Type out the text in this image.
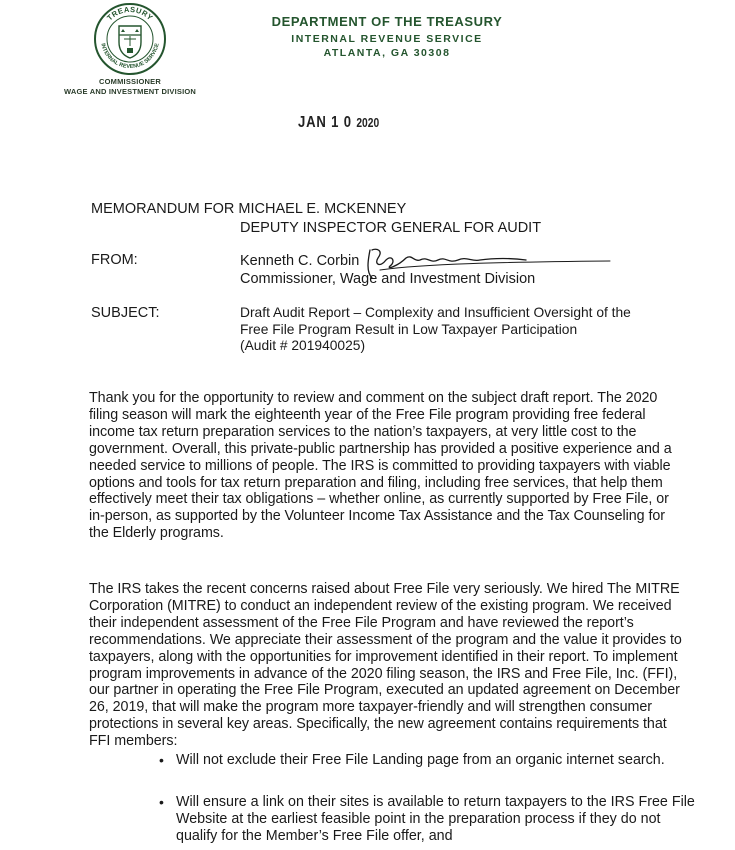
TREASURY
INTERNAL REVENUE SERVICE
COMMISSIONER
WAGE AND INVESTMENT DIVISION
DEPARTMENT OF THE TREASURY
INTERNAL REVENUE SERVICE
ATLANTA, GA 30308
JAN 1 0 2020
MEMORANDUM FOR MICHAEL E. MCKENNEY
DEPUTY INSPECTOR GENERAL FOR AUDIT
FROM:	Kenneth C. Corbin
Commissioner, Wage and Investment Division
SUBJECT:	Draft Audit Report – Complexity and Insufficient Oversight of the
Free File Program Result in Low Taxpayer Participation
(Audit # 201940025)

Thank you for the opportunity to review and comment on the subject draft report. The 2020 filing season will mark the eighteenth year of the Free File program providing free federal income tax return preparation services to the nation’s taxpayers, at very little cost to the government. Overall, this private-public partnership has provided a positive experience and a needed service to millions of people. The IRS is committed to providing taxpayers with viable options and tools for tax return preparation and filing, including free services, that help them effectively meet their tax obligations – whether online, as currently supported by Free File, or in-person, as supported by the Volunteer Income Tax Assistance and the Tax Counseling for the Elderly programs.

The IRS takes the recent concerns raised about Free File very seriously. We hired The MITRE Corporation (MITRE) to conduct an independent review of the existing program. We received their independent assessment of the Free File Program and have reviewed the report’s recommendations. We appreciate their assessment of the program and the value it provides to taxpayers, along with the opportunities for improvement identified in their report. To implement program improvements in advance of the 2020 filing season, the IRS and Free File, Inc. (FFI), our partner in operating the Free File Program, executed an updated agreement on December 26, 2019, that will make the program more taxpayer-friendly and will strengthen consumer protections in several key areas. Specifically, the new agreement contains requirements that FFI members:

• Will not exclude their Free File Landing page from an organic internet search.

• Will ensure a link on their sites is available to return taxpayers to the IRS Free File Website at the earliest feasible point in the preparation process if they do not qualify for the Member’s Free File offer, and
